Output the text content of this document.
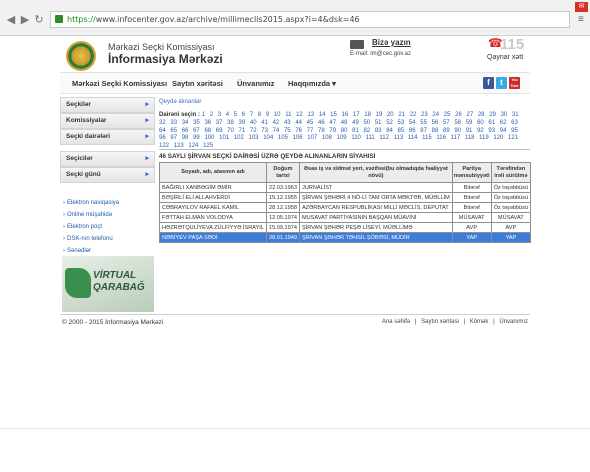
◀ ▶ ↻	https://www.infocenter.gov.az/archive/millimeclis2015.aspx?i=4&dsk=46
✉
≡
Mərkəzi Seçki Komissiyası
İnformasiya Mərkəzi
Bizə yazın
E-mail: im@cec.gov.az
☎
115
Qaynar xətt
Mərkəzi Seçki Komissiyası Saytın xəritəsi Ünvanımız Haqqımızda ▾	f	t	You Tube
Seçkilər	▸
Komissiyalar	▸
Seçki dairələri	▸
Seçicilər	▸
Seçki günü	▸
› Elektron naviqasiya
› Online müşahidə
› Elektron poçt
› DSK-nın telefonu
› Sənədlər
VİRTUAL
QARABAĞ
Qeydə alınanlar
Dairəni seçin : 1 2 3 4 5 6 7 8 9 10 11 12 13 14 15 16 17 18 19 20 21 22 23 24 25 26 27 28 29 30 31 32 33 34 35 36 37 38 39 40 41 42 43 44 45 46 47 48 49 50 51 52 53 54 55 56 57 58 59 60 61 62 63 64 65 66 67 68 69 70 71 72 73 74 75 76 77 78 79 80 81 82 83 84 85 86 87 88 89 90 91 92 93 94 95 96 97 98 99 100 101 102 103 104 105 106 107 108 109 110 111 112 113 114 115 116 117 118 119 120 121 122 123 124 125
46 SAYLI ŞİRVAN SEÇKİ DAİRƏSİ ÜZRƏ QEYDƏ ALINANLARIN SİYAHISI
Soyadı, adı, atasının adı	Doğum tarixi	Əsas iş və xidmət yeri, vəzifəsi(bu olmadıqda fəaliyyət növü)	Partiya mənsubiyyəti	Tərəfindən irəli sürülmə
BAĞIRLI XANBƏGİM ƏMİR	22.03.1963	JURNALİST	Bitərəf	Öz təşəbbüsü
BƏŞİRLİ ELİ ALLAHVERDİ	15.12.1955	ŞİRVAN ŞƏHƏRİ 4 NÖ-Lİ TAM ORTA MƏKTƏB, MÜƏLLİM	Bitərəf	Öz təşəbbüsü
CƏBRAYILOV RAFAEL KAMİL	28.12.1958	AZƏRBAYCAN RESPUBLİKASI MİLLİ MƏCLİS, DEPUTAT	Bitərəf	Öz təşəbbüsü
FƏTTAH ELMAN VOLODYA	12.05.1974	MUSAVAT PARTİYASININ BAŞQAN MÜAVİNİ	MÜSAVAT	MÜSAVAT
HƏZRƏTQULİYEVA ZÜLFİYYƏ İSRAYIL	15.09.1974	ŞİRVAN ŞƏHƏR PEŞƏ LİSEYİ, MÜƏLLİMƏ	AVP	AVP
NƏBİYEV PAŞA SƏDİ	28.01.1949	ŞİRVAN ŞƏHƏR TƏHSİL ŞÖBƏSİ, MÜDİR	YAP	YAP
© 2000 - 2015 İnformasiya Mərkəzi	Ana səhifə | Saytın xəritəsi | Kömək | Ünvanımız
